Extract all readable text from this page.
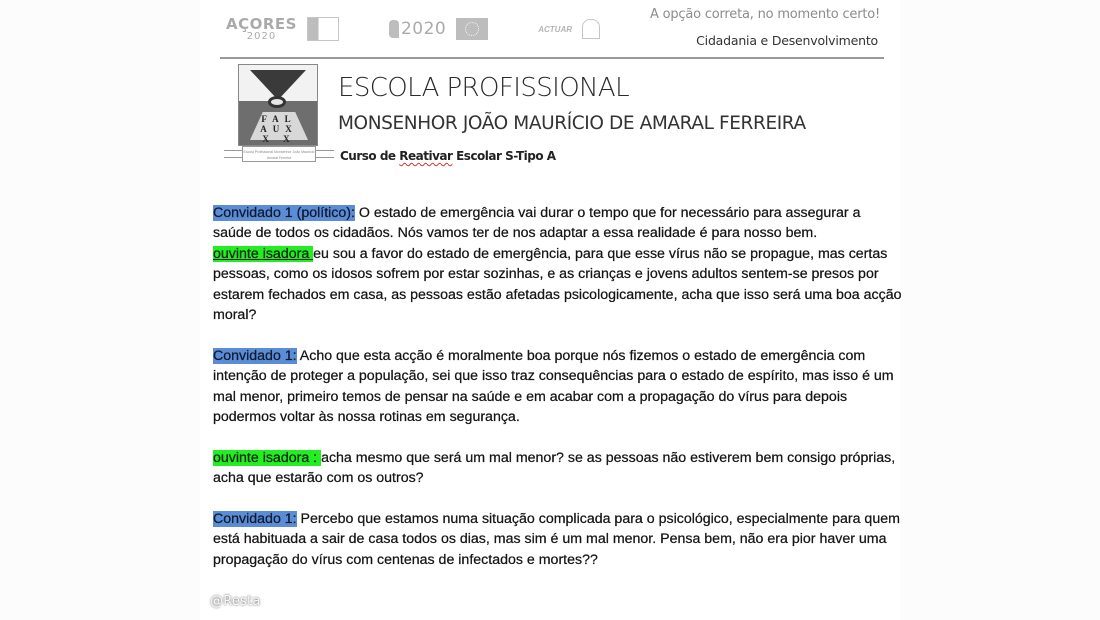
AÇORES
2020
	2020
	ACTUAR
A opção correta, no momento certo!
Cidadania e Desenvolvimento
FAL AUX X X
Escola Profissional Monsenhor João Maurício Amaral Ferreira
ESCOLA PROFISSIONAL
MONSENHOR JOÃO MAURÍCIO DE AMARAL FERREIRA
Curso de Reativar Escolar S-Tipo A

Convidado 1 (político): O estado de emergência vai durar o tempo que for necessário para assegurar a saúde de todos os cidadãos. Nós vamos ter de nos adaptar a essa realidade é para nosso bem.

ouvinte isadora eu sou a favor do estado de emergência, para que esse vírus não se propague, mas certas pessoas, como os idosos sofrem por estar sozinhas, e as crianças e jovens adultos sentem-se presos por estarem fechados em casa, as pessoas estão afetadas psicologicamente, acha que isso será uma boa acção moral?

Convidado 1: Acho que esta acção é moralmente boa porque nós fizemos o estado de emergência com intenção de proteger a população, sei que isso traz consequências para o estado de espírito, mas isso é um mal menor, primeiro temos de pensar na saúde e em acabar com a propagação do vírus para depois podermos voltar às nossa rotinas em segurança.

ouvinte isadora : acha mesmo que será um mal menor? se as pessoas não estiverem bem consigo próprias, acha que estarão com os outros?

Convidado 1: Percebo que estamos numa situação complicada para o psicológico, especialmente para quem está habituada a sair de casa todos os dias, mas sim é um mal menor. Pensa bem, não era pior haver uma propagação do vírus com centenas de infectados e mortes??

@Resta
